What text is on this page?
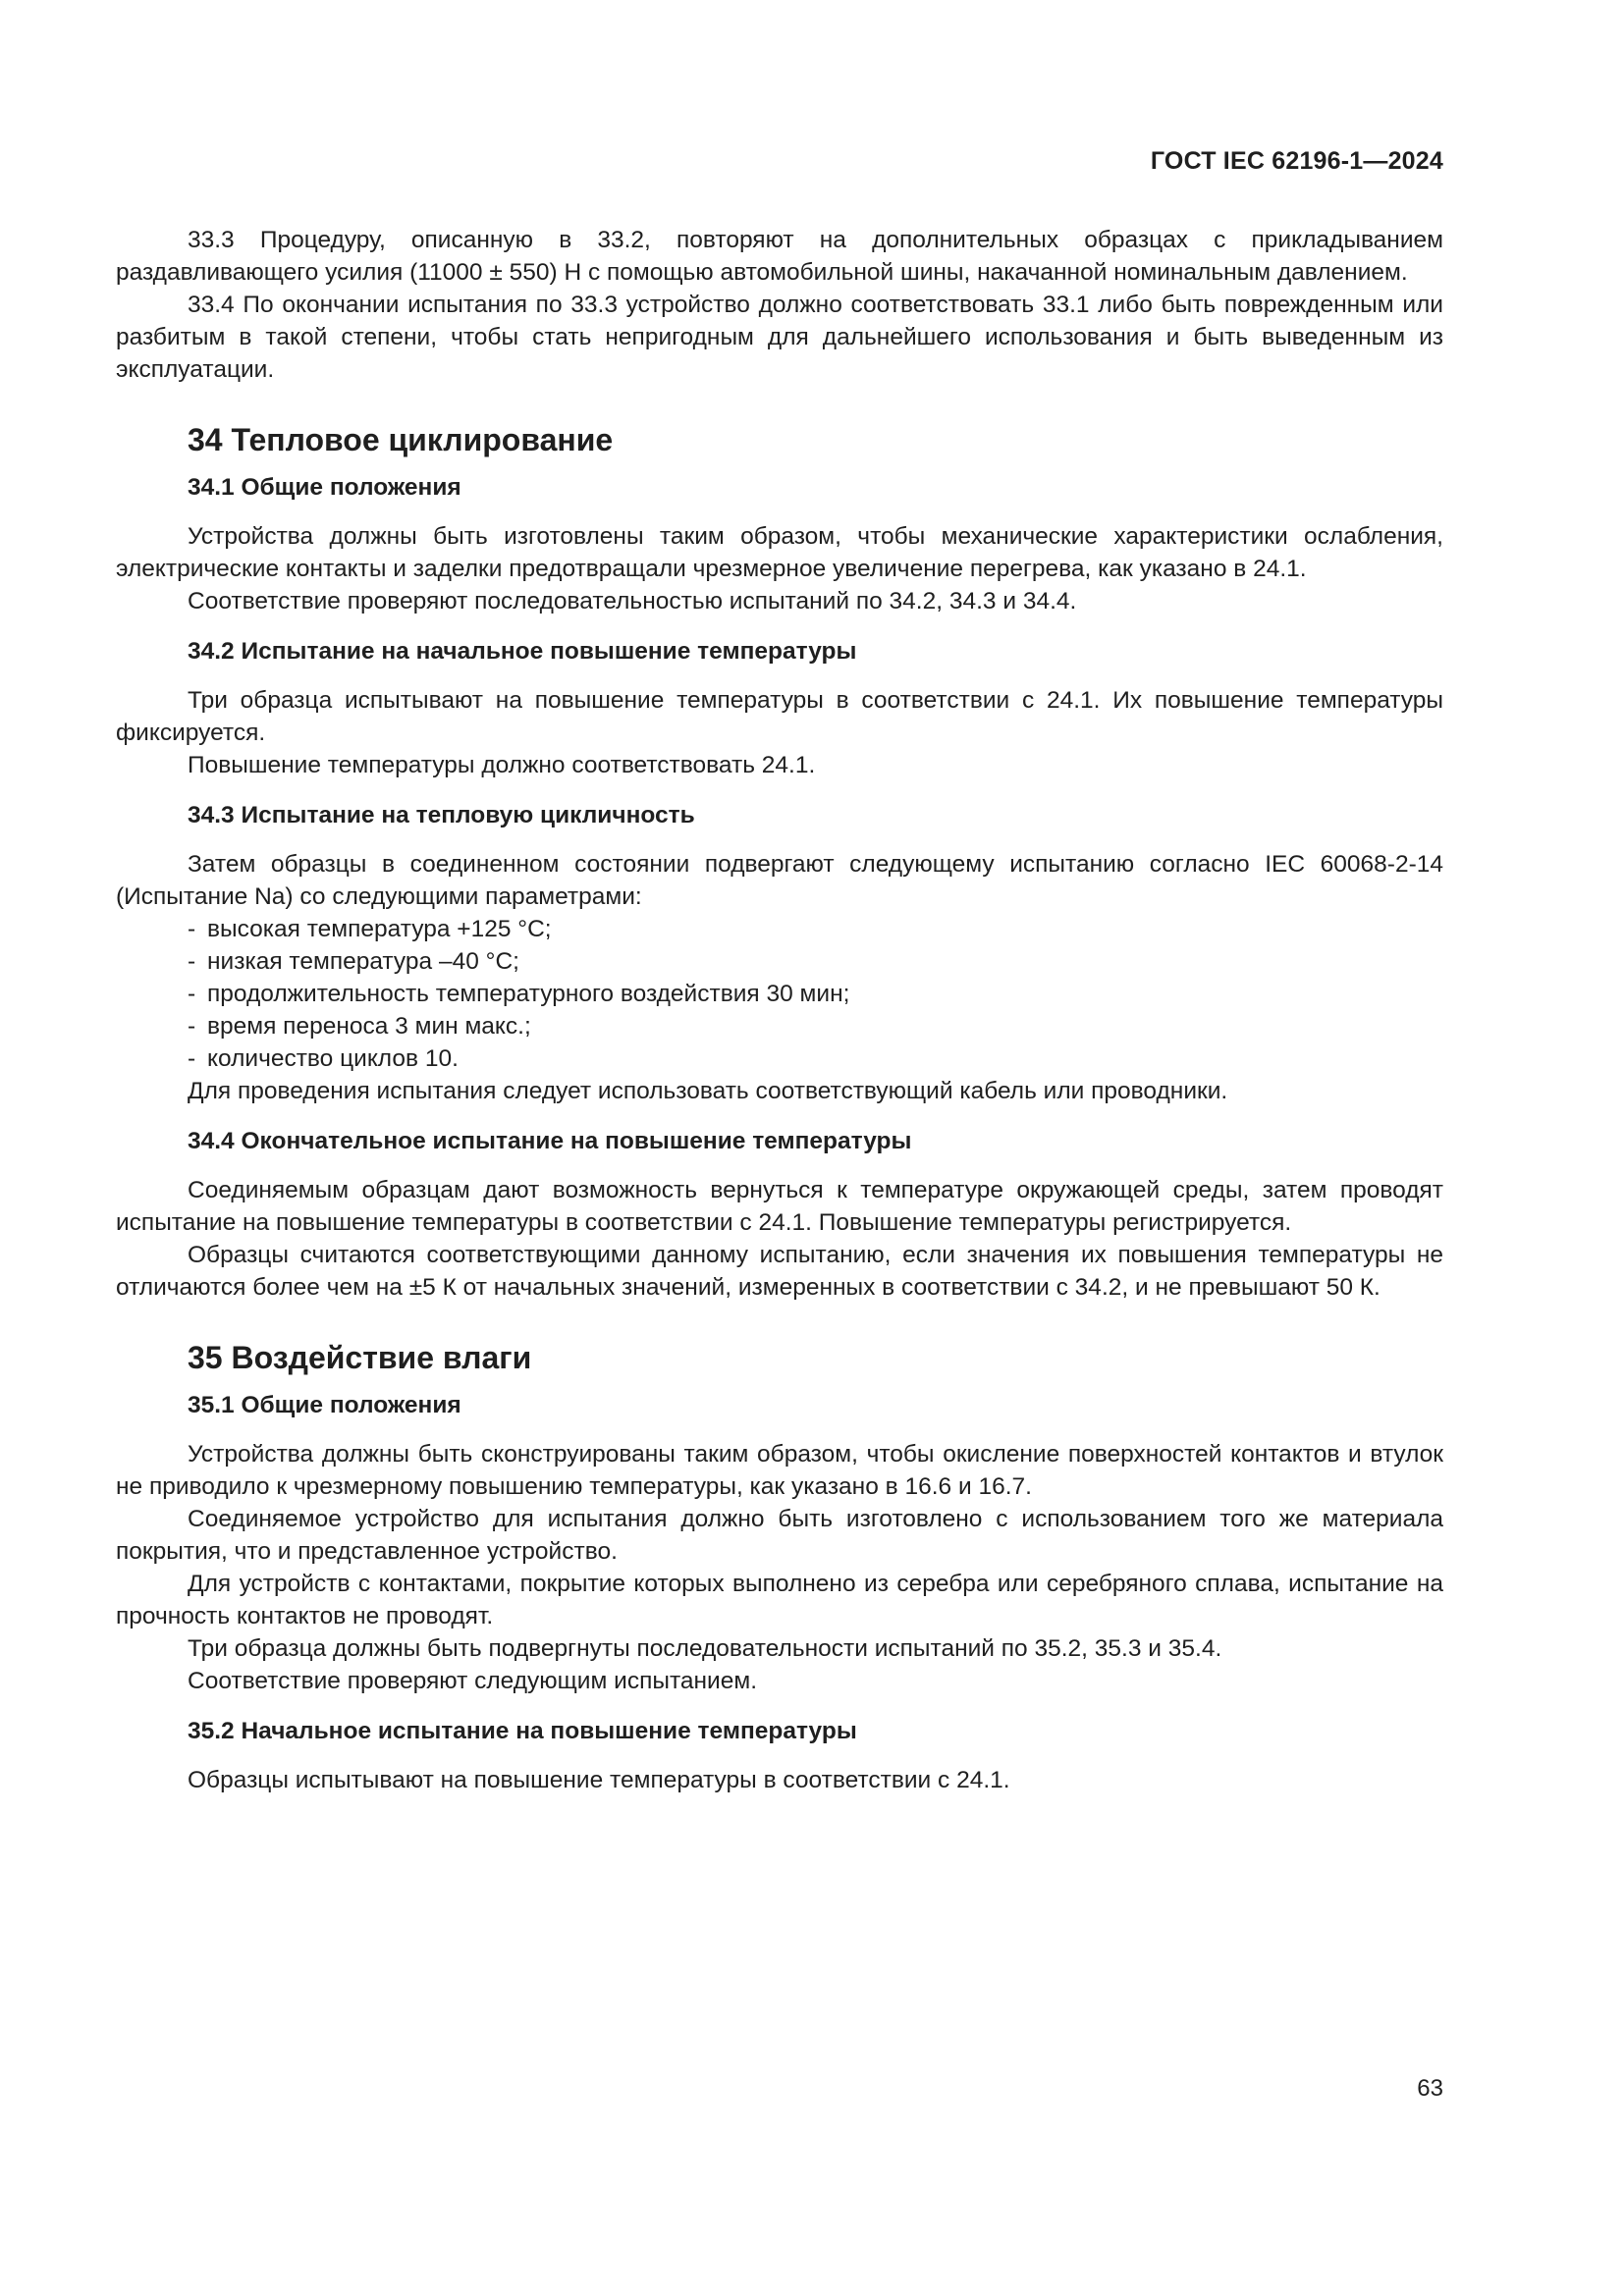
ГОСТ IEC 62196-1—2024

33.3 Процедуру, описанную в 33.2, повторяют на дополнительных образцах с прикладыванием раздавливающего усилия (11000 ± 550) Н с помощью автомобильной шины, накачанной номинальным давлением.

33.4 По окончании испытания по 33.3 устройство должно соответствовать 33.1 либо быть поврежденным или разбитым в такой степени, чтобы стать непригодным для дальнейшего использования и быть выведенным из эксплуатации.

34 Тепловое циклирование
34.1 Общие положения

Устройства должны быть изготовлены таким образом, чтобы механические характеристики ослабления, электрические контакты и заделки предотвращали чрезмерное увеличение перегрева, как указано в 24.1.

Соответствие проверяют последовательностью испытаний по 34.2, 34.3 и 34.4.

34.2 Испытание на начальное повышение температуры

Три образца испытывают на повышение температуры в соответствии с 24.1. Их повышение температуры фиксируется.

Повышение температуры должно соответствовать 24.1.

34.3 Испытание на тепловую цикличность

Затем образцы в соединенном состоянии подвергают следующему испытанию согласно IEC 60068-2-14 (Испытание Na) со следующими параметрами:

- высокая температура +125 °С;
- низкая температура –40 °С;
- продолжительность температурного воздействия 30 мин;
- время переноса 3 мин макс.;
- количество циклов 10.

Для проведения испытания следует использовать соответствующий кабель или проводники.

34.4 Окончательное испытание на повышение температуры

Соединяемым образцам дают возможность вернуться к температуре окружающей среды, затем проводят испытание на повышение температуры в соответствии с 24.1. Повышение температуры регистрируется.

Образцы считаются соответствующими данному испытанию, если значения их повышения температуры не отличаются более чем на ±5 К от начальных значений, измеренных в соответствии с 34.2, и не превышают 50 К.

35 Воздействие влаги
35.1 Общие положения

Устройства должны быть сконструированы таким образом, чтобы окисление поверхностей контактов и втулок не приводило к чрезмерному повышению температуры, как указано в 16.6 и 16.7.

Соединяемое устройство для испытания должно быть изготовлено с использованием того же материала покрытия, что и представленное устройство.

Для устройств с контактами, покрытие которых выполнено из серебра или серебряного сплава, испытание на прочность контактов не проводят.

Три образца должны быть подвергнуты последовательности испытаний по 35.2, 35.3 и 35.4.

Соответствие проверяют следующим испытанием.

35.2 Начальное испытание на повышение температуры

Образцы испытывают на повышение температуры в соответствии с 24.1.

63
